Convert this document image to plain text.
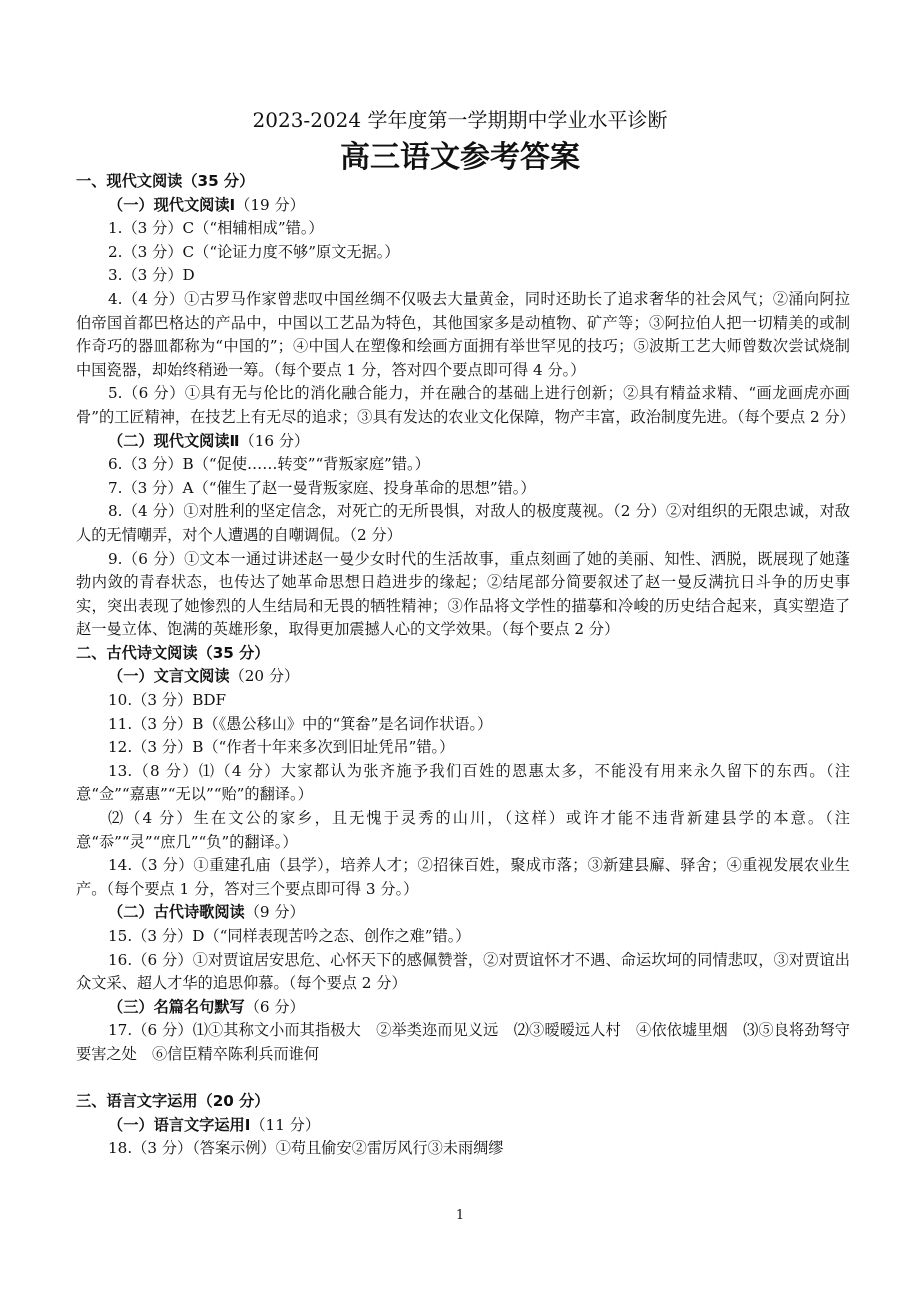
2023-2024 学年度第一学期期中学业水平诊断
高三语文参考答案
一、现代文阅读（35 分）
（一）现代文阅读Ⅰ（19 分）
1.（3 分）C（“相辅相成”错。）
2.（3 分）C（“论证力度不够”原文无据。）
3.（3 分）D
4.（4 分）①古罗马作家曾悲叹中国丝绸不仅吸去大量黄金，同时还助长了追求奢华的社会风气；②涌向阿拉伯帝国首都巴格达的产品中，中国以工艺品为特色，其他国家多是动植物、矿产等；③阿拉伯人把一切精美的或制作奇巧的器皿都称为“中国的”；④中国人在塑像和绘画方面拥有举世罕见的技巧；⑤波斯工艺大师曾数次尝试烧制中国瓷器，却始终稍逊一筹。（每个要点 1 分，答对四个要点即可得 4 分。）
5.（6 分）①具有无与伦比的消化融合能力，并在融合的基础上进行创新；②具有精益求精、“画龙画虎亦画骨”的工匠精神，在技艺上有无尽的追求；③具有发达的农业文化保障，物产丰富，政治制度先进。（每个要点 2 分）
（二）现代文阅读Ⅱ（16 分）
6.（3 分）B（“促使……转变”“背叛家庭”错。）
7.（3 分）A（“催生了赵一曼背叛家庭、投身革命的思想”错。）
8.（4 分）①对胜利的坚定信念，对死亡的无所畏惧，对敌人的极度蔑视。（2 分）②对组织的无限忠诚，对敌人的无情嘲弄，对个人遭遇的自嘲调侃。（2 分）
9.（6 分）①文本一通过讲述赵一曼少女时代的生活故事，重点刻画了她的美丽、知性、洒脱，既展现了她蓬勃内敛的青春状态，也传达了她革命思想日趋进步的缘起；②结尾部分简要叙述了赵一曼反满抗日斗争的历史事实，突出表现了她惨烈的人生结局和无畏的牺牲精神；③作品将文学性的描摹和冷峻的历史结合起来，真实塑造了赵一曼立体、饱满的英雄形象，取得更加震撼人心的文学效果。（每个要点 2 分）
二、古代诗文阅读（35 分）
（一）文言文阅读（20 分）
10.（3 分）BDF
11.（3 分）B（《愚公移山》中的“箕畚”是名词作状语。）
12.（3 分）B（“作者十年来多次到旧址凭吊”错。）
13.（8 分）⑴（4 分）大家都认为张齐施予我们百姓的恩惠太多，不能没有用来永久留下的东西。（注意“佥”“嘉惠”“无以”“贻”的翻译。）
⑵（4 分）生在文公的家乡，且无愧于灵秀的山川，（这样）或许才能不违背新建县学的本意。（注意“忝”“灵”“庶几”“负”的翻译。）
14.（3 分）①重建孔庙（县学），培养人才；②招徕百姓，聚成市落；③新建县廨、驿舍；④重视发展农业生产。（每个要点 1 分，答对三个要点即可得 3 分。）
（二）古代诗歌阅读（9 分）
15.（3 分）D（“同样表现苦吟之态、创作之难”错。）
16.（6 分）①对贾谊居安思危、心怀天下的感佩赞誉，②对贾谊怀才不遇、命运坎坷的同情悲叹，③对贾谊出众文采、超人才华的追思仰慕。（每个要点 2 分）
（三）名篇名句默写（6 分）
17.（6 分）⑴①其称文小而其指极大　②举类迩而见义远　⑵③暧暧远人村　④依依墟里烟　⑶⑤良将劲弩守要害之处　⑥信臣精卒陈利兵而谁何
三、语言文字运用（20 分）
（一）语言文字运用Ⅰ（11 分）
18.（3 分）（答案示例）①苟且偷安②雷厉风行③未雨绸缪
1
